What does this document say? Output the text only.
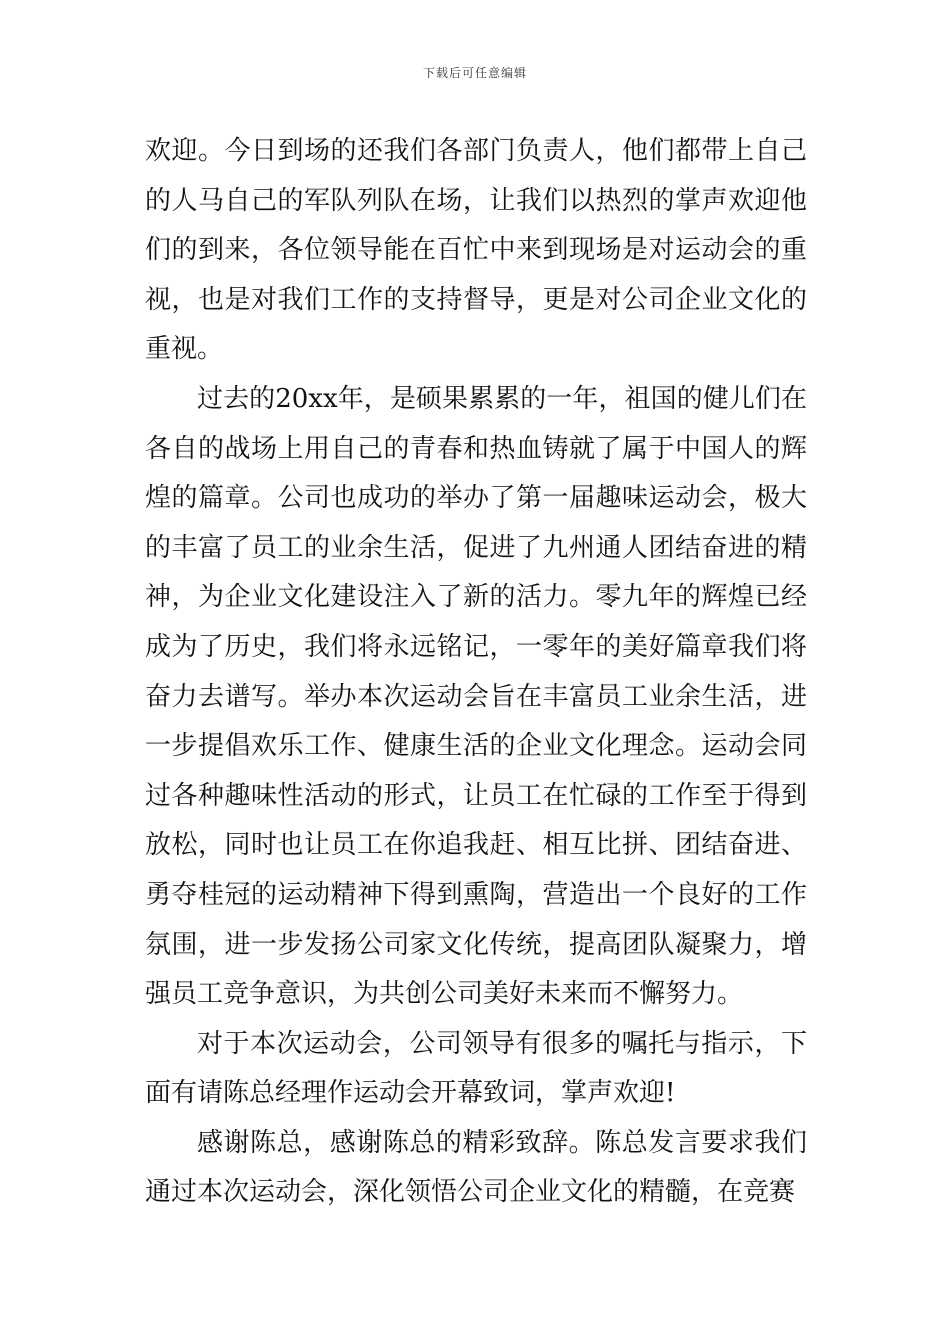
下载后可任意编辑

欢迎。今日到场的还我们各部门负责人，他们都带上自己的人马自己的军队列队在场，让我们以热烈的掌声欢迎他们的到来，各位领导能在百忙中来到现场是对运动会的重视，也是对我们工作的支持督导，更是对公司企业文化的重视。

过去的20xx年，是硕果累累的一年，祖国的健儿们在各自的战场上用自己的青春和热血铸就了属于中国人的辉煌的篇章。公司也成功的举办了第一届趣味运动会，极大的丰富了员工的业余生活，促进了九州通人团结奋进的精神，为企业文化建设注入了新的活力。零九年的辉煌已经成为了历史，我们将永远铭记，一零年的美好篇章我们将奋力去谱写。举办本次运动会旨在丰富员工业余生活，进一步提倡欢乐工作、健康生活的企业文化理念。运动会同过各种趣味性活动的形式，让员工在忙碌的工作至于得到放松，同时也让员工在你追我赶、相互比拼、团结奋进、勇夺桂冠的运动精神下得到熏陶，营造出一个良好的工作氛围，进一步发扬公司家文化传统，提高团队凝聚力，增强员工竞争意识，为共创公司美好未来而不懈努力。

对于本次运动会，公司领导有很多的嘱托与指示，下面有请陈总经理作运动会开幕致词，掌声欢迎!

感谢陈总，感谢陈总的精彩致辞。陈总发言要求我们通过本次运动会，深化领悟公司企业文化的精髓，在竞赛
